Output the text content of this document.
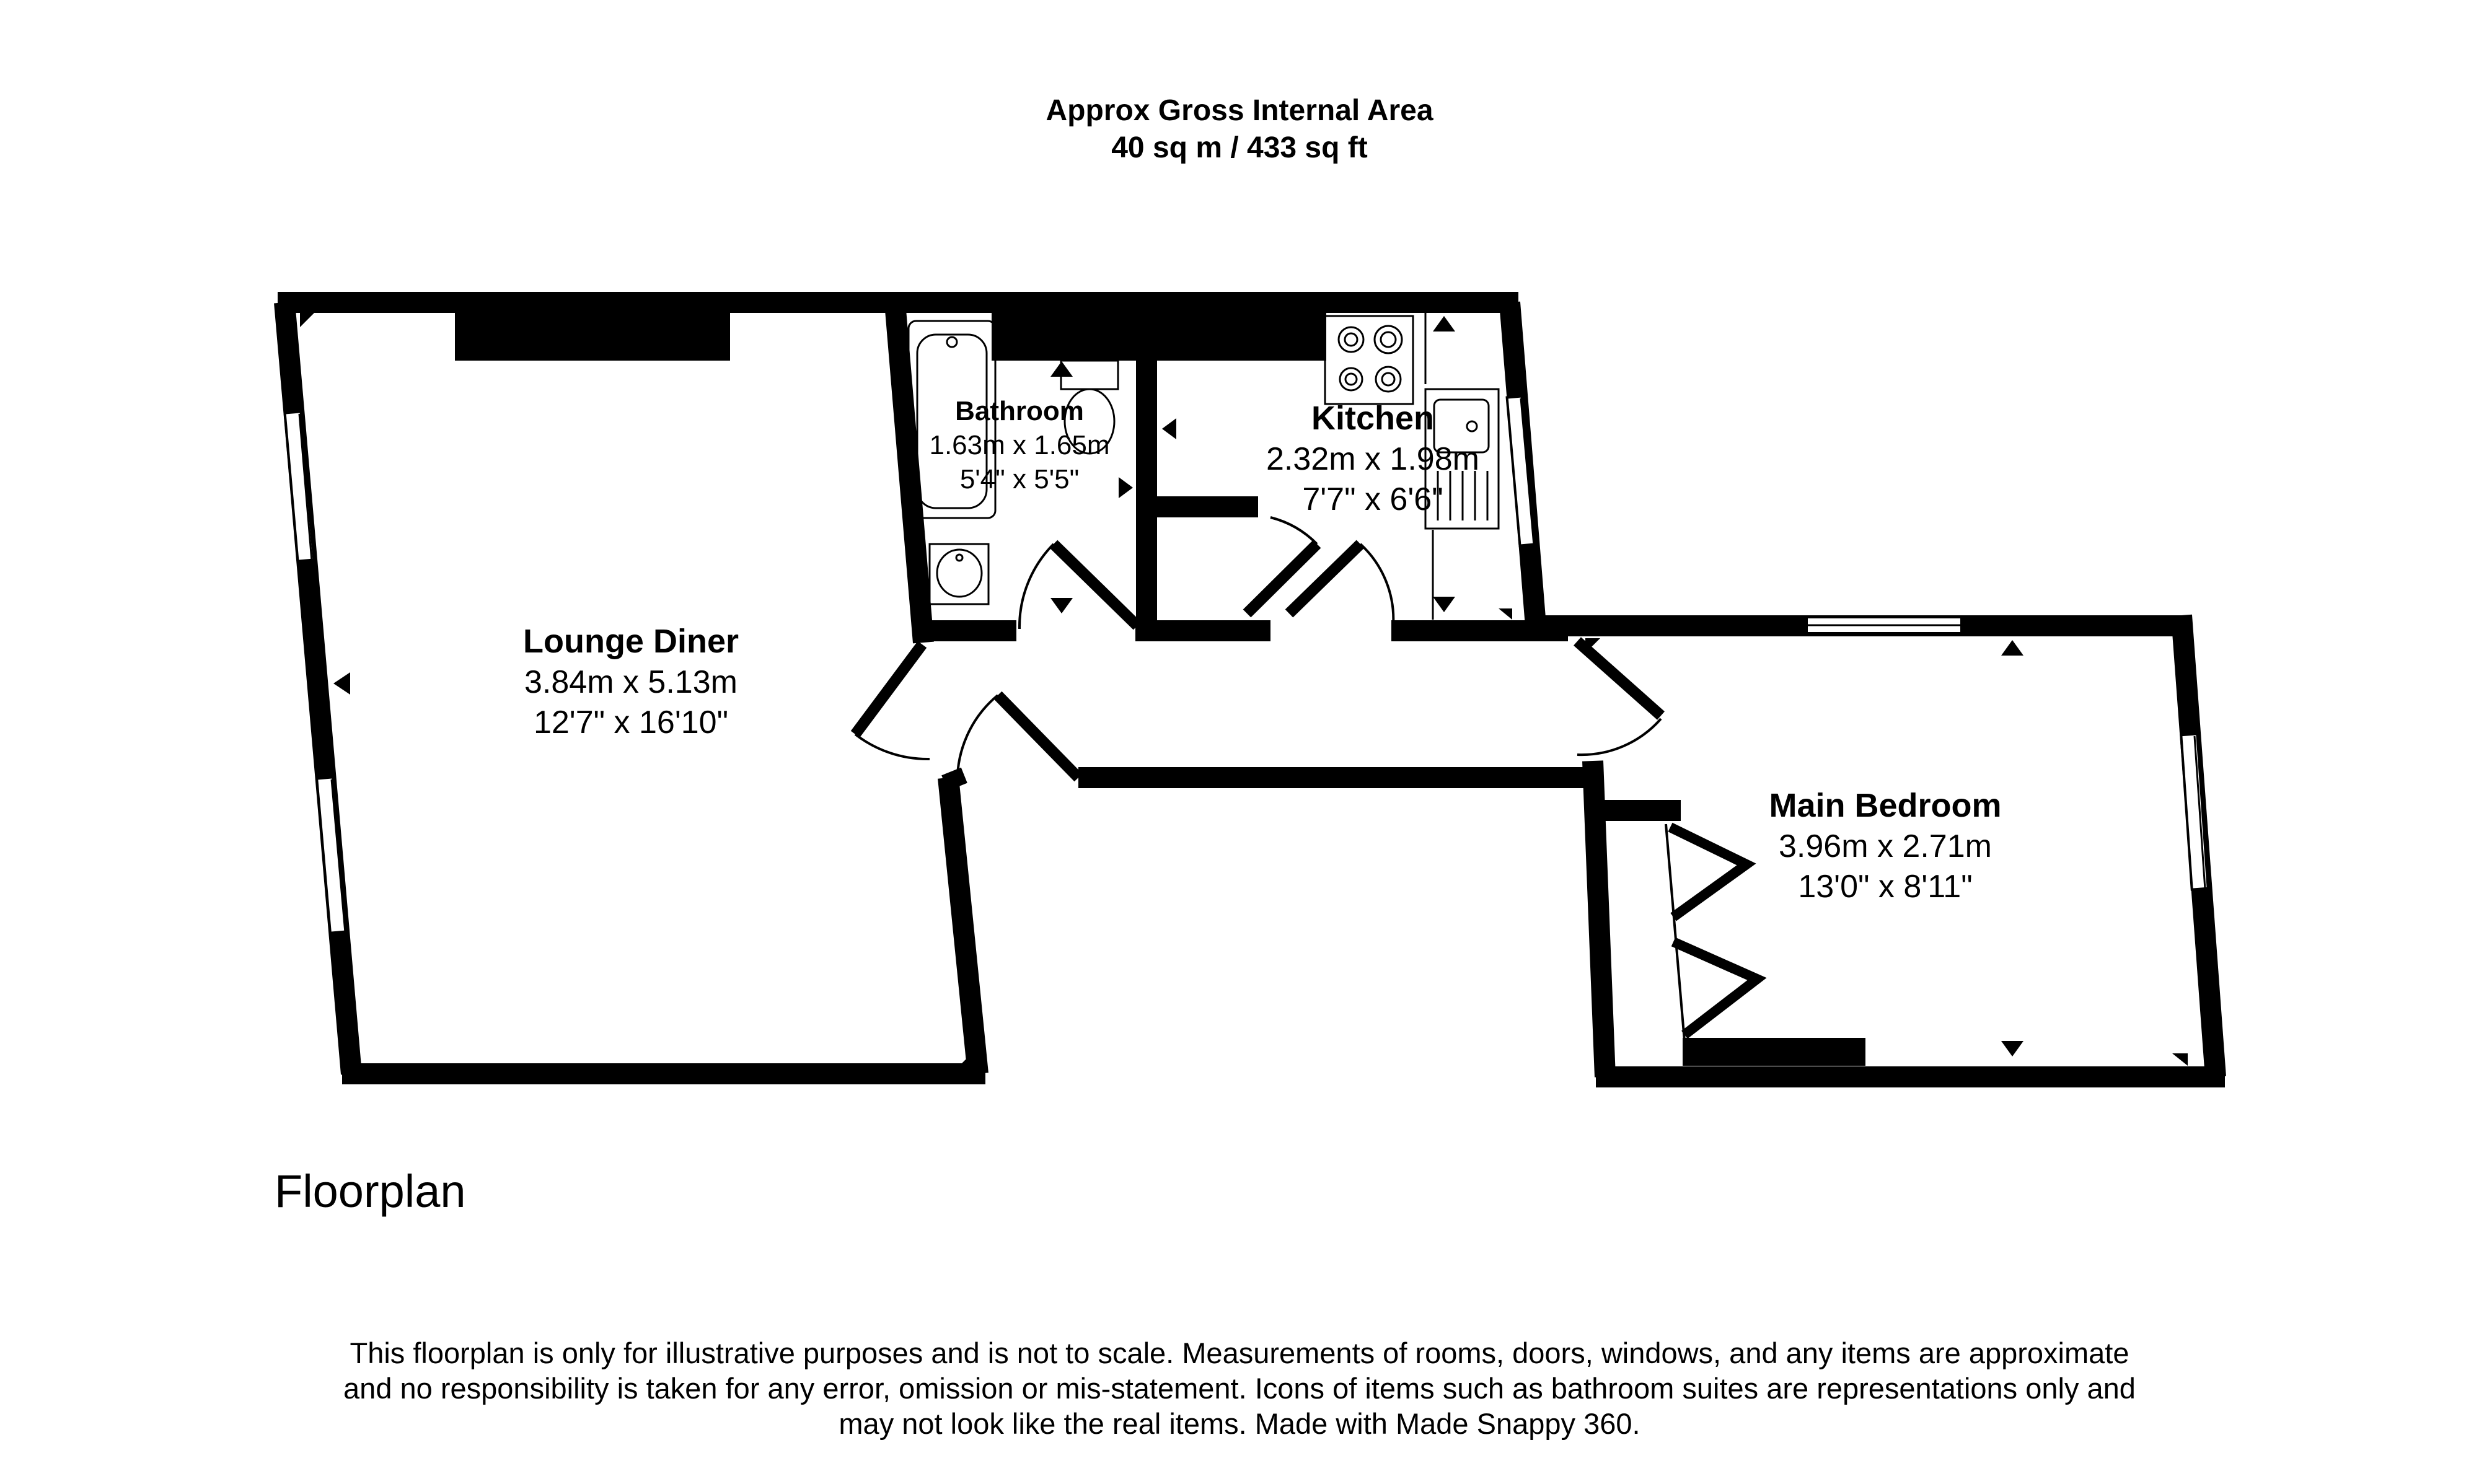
Approx Gross Internal Area
40 sq m / 433 sq ft
Lounge Diner
3.84m x 5.13m
12'7" x 16'10"
Bathroom
1.63m x 1.65m
5'4" x 5'5"
Kitchen
2.32m x 1.98m
7'7" x 6'6"
Main Bedroom
3.96m x 2.71m
13'0" x 8'11"
Floorplan
This floorplan is only for illustrative purposes and is not to scale. Measurements of rooms, doors, windows, and any items are approximate
and no responsibility is taken for any error, omission or mis-statement. Icons of items such as bathroom suites are representations only and
may not look like the real items. Made with Made Snappy 360.
